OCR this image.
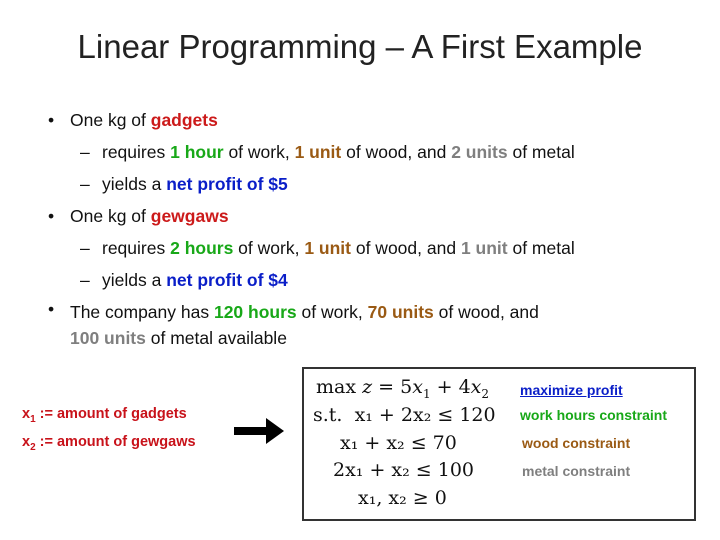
Linear Programming – A First Example
• One kg of gadgets
– requires 1 hour of work, 1 unit of wood, and 2 units of metal
– yields a net profit of $5
• One kg of gewgaws
– requires 2 hours of work, 1 unit of wood, and 1 unit of metal
– yields a net profit of $4
• The company has 120 hours of work, 70 units of wood, and
100 units of metal available
$x_1$ := amount of gadgets
$x_2$ := amount of gewgaws
$\max z = 5x_1 + 4x_2$
s.t. x₁ + 2x₂ ≤ 120
x₁ + x₂ ≤ 70
2x₁ + x₂ ≤ 100
x₁, x₂ ≥ 0
maximize profit
work hours constraint
wood constraint
metal constraint
